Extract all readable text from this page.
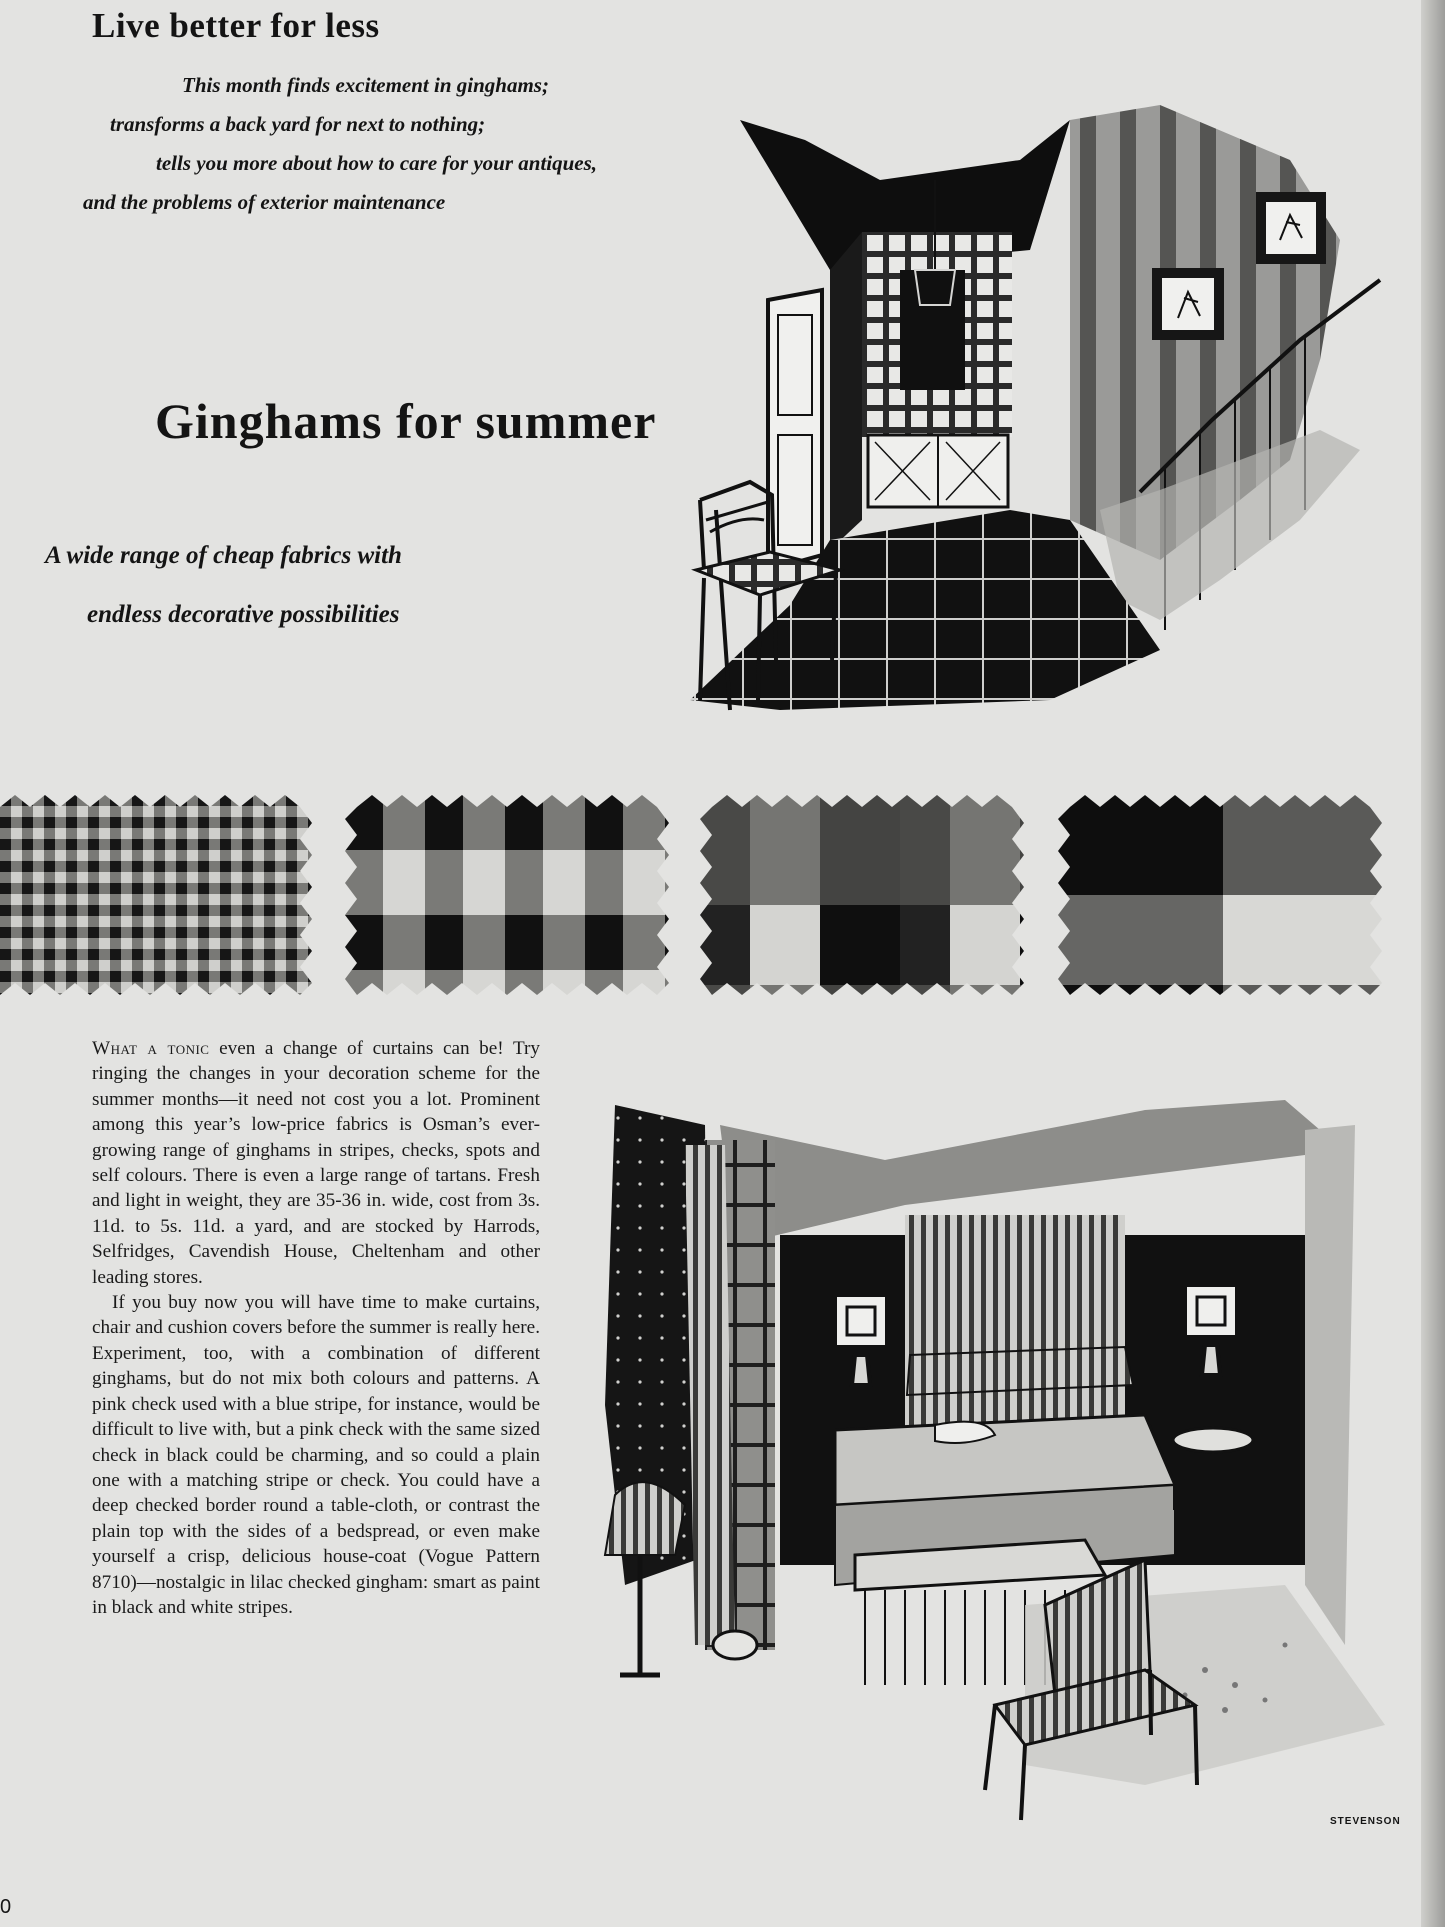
Live better for less
This month finds excitement in ginghams;
transforms a back yard for next to nothing;
tells you more about how to care for your antiques,
and the problems of exterior maintenance
Ginghams for summer
A wide range of cheap fabrics with
endless decorative possibilities

What a tonic even a change of curtains can be! Try ringing the changes in your decoration scheme for the summer months—it need not cost you a lot. Prominent among this year’s low-price fabrics is Osman’s ever-growing range of ginghams in stripes, checks, spots and self colours. There is even a large range of tartans. Fresh and light in weight, they are 35-36 in. wide, cost from 3s. 11d. to 5s. 11d. a yard, and are stocked by Harrods, Selfridges, Cavendish House, Cheltenham and other leading stores.

If you buy now you will have time to make curtains, chair and cushion covers before the summer is really here. Experiment, too, with a combination of different ginghams, but do not mix both colours and patterns. A pink check used with a blue stripe, for instance, would be difficult to live with, but a pink check with the same sized check in black could be charming, and so could a plain one with a matching stripe or check. You could have a deep checked border round a table-cloth, or contrast the plain top with the sides of a bedspread, or even make yourself a crisp, delicious house-coat (Vogue Pattern 8710)—nostalgic in lilac checked gingham: smart as paint in black and white stripes.

STEVENSON
0
